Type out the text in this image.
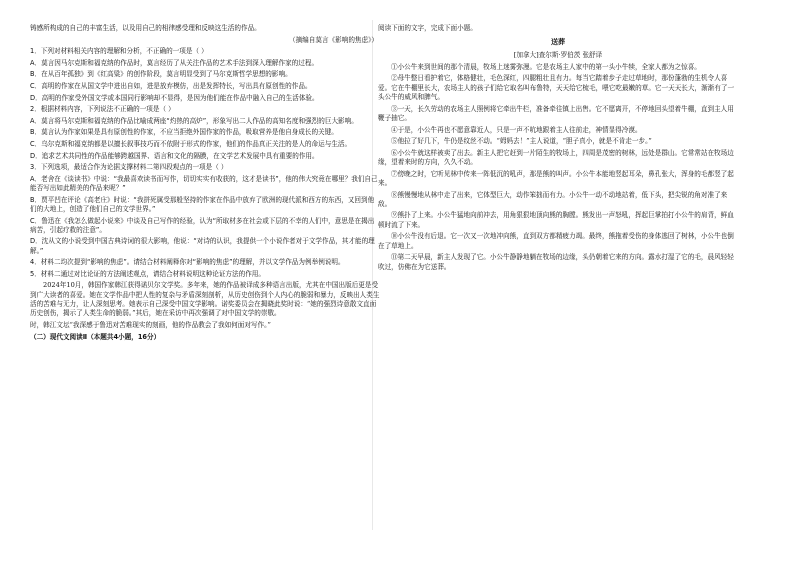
铸感所构成的自己的丰富生活，以及用自己的相律感受理和反映这生活的作品。

（摘编自莫言《影响的焦虑》）

1．下列对材料相关内容的理解和分析，不正确的一项是（ ）

A．莫言因马尔克斯和福克纳的作品时，莫言经历了从关注作品的艺术手法到深入理解作家的过程。

B．在从百年孤独》到《红高粱》的创作阶段，莫言明显受到了马尔克斯哲学思想的影响。

C．高明的作家在从国文学中进出自如，进是放弃模仿，出是发挥特长，写出具有原创性的作品。

D．高明的作家受外国文学或本国同行影响却不显得，是因为他们能在作品中融入自己的生活体验。

2．根据材料内容，下列说法不正确的一项是（ ）

A．莫言将马尔克斯和福克纳的作品比喻成两座“灼热的高炉”，形象写出二人作品的高知名度和强烈的巨大影响。

B．莫言认为作家如果是具有原创性的作家，不应当拒绝外国作家的作品，吸取营养是他自身成长的关键。

C．乌尔克斯和福克纳都是以擅长叙事技巧而不依附于形式的作家，他们的作品真正关注的是人的命运与生活。

D．追求艺术共同性的作品能够跨越国界、语言和文化的隔膜，在文学艺术发展中具有重要的作用。

3．下列选项，最适合作为论据支撑材料二第四段观点的一项是（ ）

A．老舍在《谈读书》中说：“我最喜欢读书而写作，切切实实有收获的，这才是读书”，他的伟大究竟在哪里？我们自己能否写出如此精美的作品来呢？”

B．贾平凹在评论《高老庄》时说：“我拼死属受那般坚持的作家在作品中放弃了欧洲的现代派和西方的东西，又回到他们的大地上，创造了他们自己的文学世界。”

C．鲁迅在《我怎么做起小说来》中谈及自己写作的经验，认为“所取材多在社会或下层的不幸的人们中，意思是在揭出病苦，引起疗救的注意”。

D．沈从文的小说受到中国古典诗词的很大影响，他说：“对诗的认识，我提供一个小说作者对于文学作品，其才能的理解。”

4．材料二均次提到“影响的焦虑”。请结合材料阐释你对“影响的焦虑”的理解，并以文学作品为例举例说明。

5．材料二通过对比论证的方法阐述观点，请结合材料说明这种论证方法的作用。

2024年10月，韩国作家韩江获得诺贝尔文学奖。多年来，她的作品被译成多种语言出版，尤其在中国出版后更是受到广大读者的喜爱。她在文学作品中把人性的复杂与矛盾深刻剖析，从历史创伤到个人内心的脆弱和暴力，反映出人类生活的苦难与无力，让人深刻思考。她表示自己深受中国文学影响。诺奖委员会在揭晓此奖时说：“她的强烈诗意散文直面历史创伤，揭示了人类生命的脆弱。”其后，她在采访中再次强调了对中国文学的崇敬。

时，韩江文坛“我深感于鲁迅对苦难现实的刻画，他的作品教会了我如何面对写作。”

（二）现代文阅读Ⅱ（本题共4小题，16分）

阅读下面的文字，完成下面小题。

送葬

[加拿大]查尔斯·罗伯茨 张舒译

①小公牛来到世间的那个清晨，牧场上迷雾弥漫。它是农场主人家中的第一头小牛犊，全家人都为之惊喜。

②母牛整日看护着它，体格健壮，毛色深红，四腿粗壮且有力。每当它踏着步子走过草地时，那份蓬勃的生机令人喜爱。它在牛棚里长大，农场主人的孩子们给它取名叫布鲁特，天天给它梳毛，喂它吃最嫩的草。它一天天长大，渐渐有了一头公牛的威风和脾气。

③一天，长久劳动的农场主人照例将它牵出牛栏，准备牵往镇上出售。它不愿离开，不停地回头望着牛棚，直到主人用鞭子抽它。

④于是，小公牛再也不愿意靠近人，只是一声不吭地跟着主人往前走，神情显得冷漠。

⑤他拉了好几下，牛仍是纹丝不动。“姆妈去！”主人说道，“胆子真小，就是不肯走一步。”

⑥小公牛就这样被卖了出去。新主人把它赶到一片陌生的牧场上，四周是茂密的树林，远处是群山。它常常站在牧场边缘，望着来时的方向，久久不动。

⑦傍晚之时，它听见林中传来一阵低沉的吼声，那是熊的叫声。小公牛本能地竖起耳朵，鼻孔张大，浑身的毛都竖了起来。

⑧熊慢慢地从林中走了出来，它体型巨大，动作笨拙而有力。小公牛一动不动地站着，低下头，把尖锐的角对准了来敌。

⑨熊扑了上来。小公牛猛地向前冲去，用角狠狠地顶向熊的胸膛。熊发出一声怒吼，挥起巨掌拍打小公牛的肩背，鲜血顿时流了下来。

⑩小公牛没有后退。它一次又一次地冲向熊，直到双方都精疲力竭。最终，熊拖着受伤的身体逃回了树林，小公牛也倒在了草地上。

⑪第二天早晨，新主人发现了它。小公牛静静地躺在牧场的边缘，头仍朝着它来的方向。露水打湿了它的毛，晨风轻轻吹过，仿佛在为它送葬。
